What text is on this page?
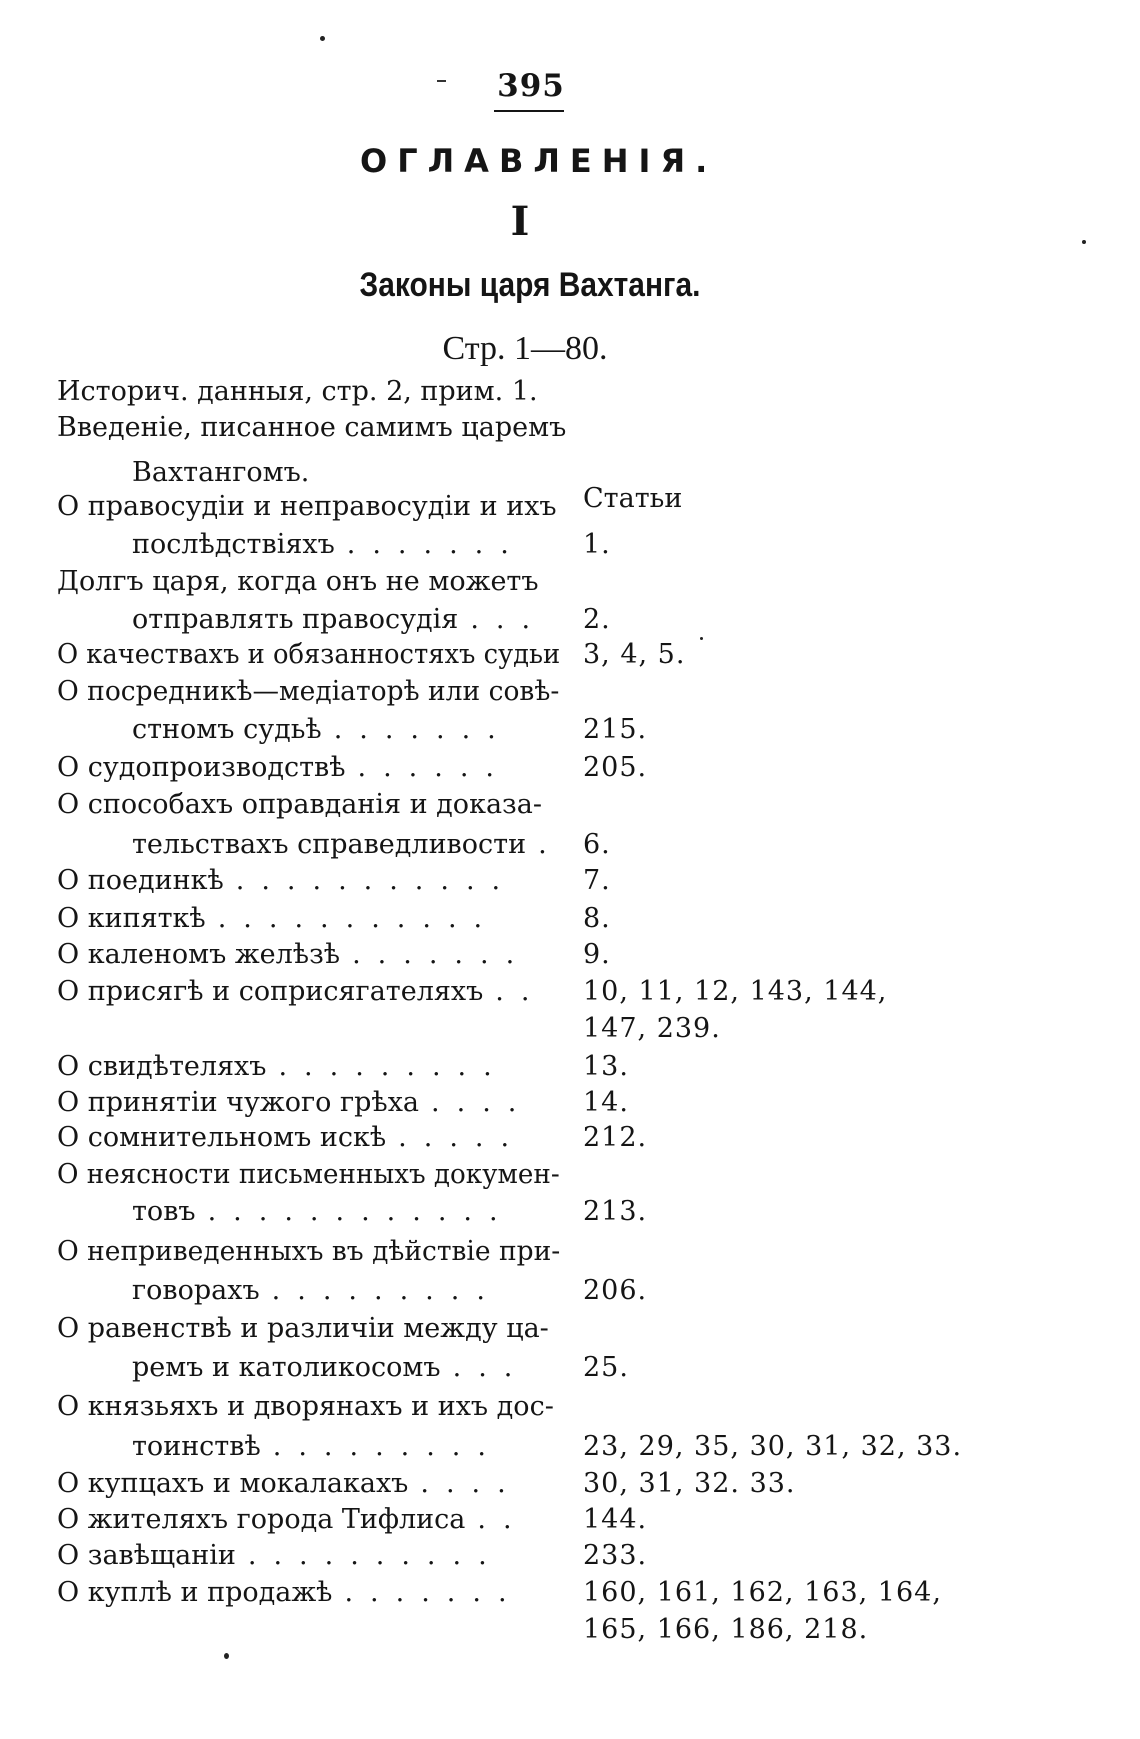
395
ОГЛАВЛЕНІЯ.
I
Законы царя Вахтанга.
Стр. 1—80.
Статьи
Историч. данныя, стр. 2, прим. 1.
Введеніе, писанное самимъ царемъ
Вахтангомъ.
О правосудіи и неправосудіи и ихъ
послѣдствіяхъ	1.
Долгъ царя, когда онъ не можетъ
отправлять правосудія	2.
О качествахъ и обязанностяхъ судьи 3, 4, 5.
О посредникѣ—медіаторѣ или совѣ-
стномъ судьѣ	215.
О судопроизводствѣ	205.
О способахъ оправданія и доказа-
тельствахъ справедливости 6.
О поединкѣ	7.
О кипяткѣ	8.
О каленомъ желѣзѣ	9.
О присягѣ и соприсягателяхъ	10, 11, 12, 143, 144,
147, 239.
О свидѣтеляхъ	13.
О принятіи чужого грѣха	14.
О сомнительномъ искѣ	212.
О неясности письменныхъ докумен-
товъ	213.
О неприведенныхъ въ дѣйствіе при-
говорахъ	206.
О равенствѣ и различіи между ца-
ремъ и католикосомъ	25.
О князьяхъ и дворянахъ и ихъ дос-
тоинствѣ	23, 29, 35, 30, 31, 32, 33.
О купцахъ и мокалакахъ	30, 31, 32. 33.
О жителяхъ города Тифлиса	144.
О завѣщаніи	233.
О куплѣ и продажѣ	160, 161, 162, 163, 164,
165, 166, 186, 218.
.......
...
.......
......
.
...........
...........
.......
..
.........
....
.....
............
.........
...
.........
....
..
..........
.......
